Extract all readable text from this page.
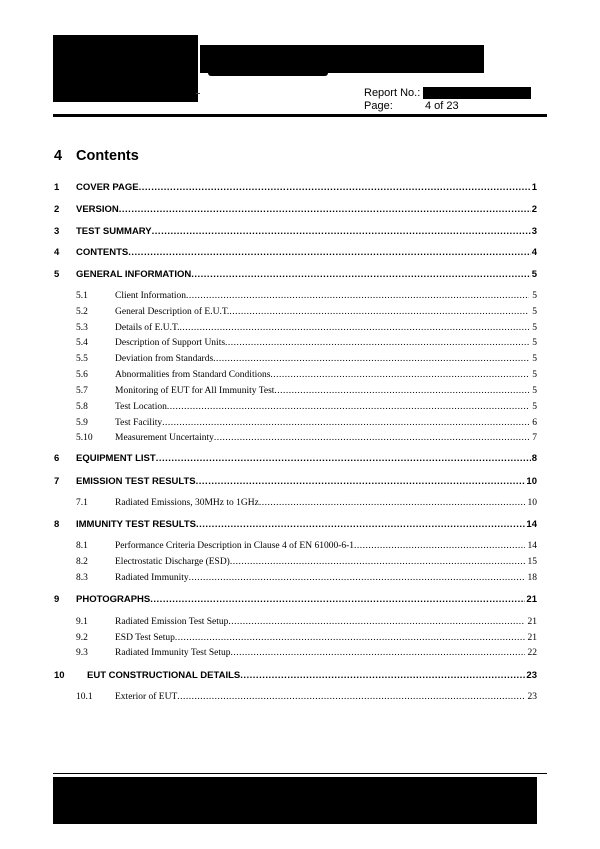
Report No.:
Page:	4 of 23
4 Contents
1 COVER PAGE .....	1
2 VERSION .....	2
3 TEST SUMMARY .....	3
4 CONTENTS .....	4
5 GENERAL INFORMATION .....	5
5.1	Client Information .....	5
5.2	General Description of E.U.T. .....	5
5.3	Details of E.U.T. .....	5
5.4	Description of Support Units .....	5
5.5	Deviation from Standards .....	5
5.6	Abnormalities from Standard Conditions .....	5
5.7	Monitoring of EUT for All Immunity Test .....	5
5.8	Test Location .....	5
5.9	Test Facility .....	6
5.10 Measurement Uncertainty .....	7
6 EQUIPMENT LIST .....	8
7 EMISSION TEST RESULTS .....	10
7.1	Radiated Emissions, 30MHz to 1GHz .....	10
8 IMMUNITY TEST RESULTS .....	14
8.1	Performance Criteria Description in Clause 4 of EN 61000-6-1 .....	14
8.2	Electrostatic Discharge (ESD) .....	15
8.3	Radiated Immunity .....	18
9 PHOTOGRAPHS .....	21
9.1	Radiated Emission Test Setup .....	21
9.2	ESD Test Setup .....	21
9.3	Radiated Immunity Test Setup .....	22
10 EUT CONSTRUCTIONAL DETAILS .....	23
10.1 Exterior of EUT .....	23
